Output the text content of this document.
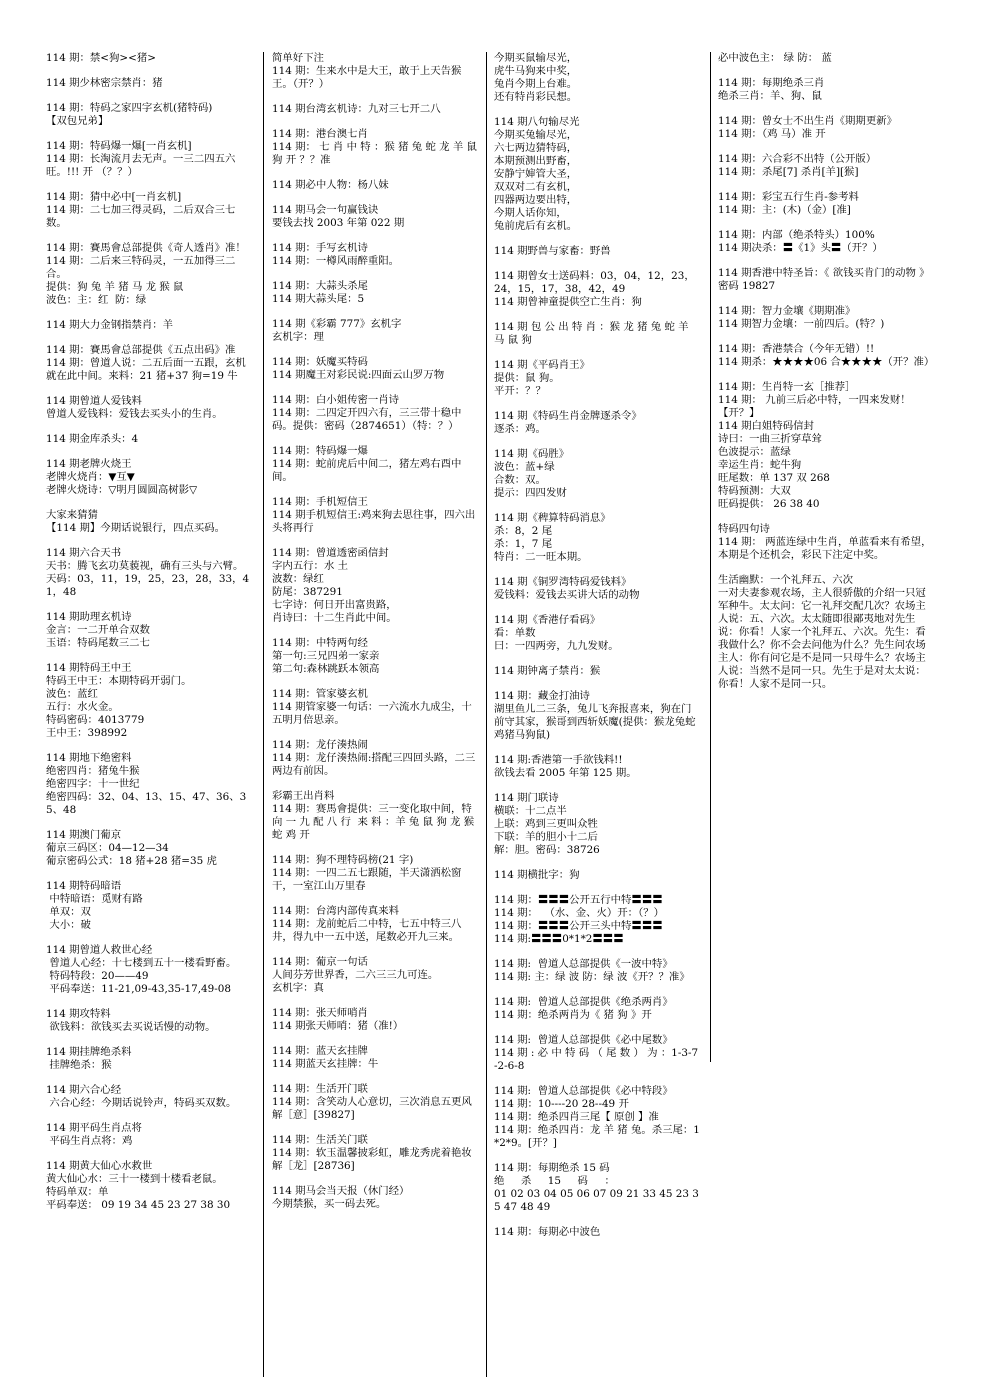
114 期：禁<狗><猪>
114 期少林密宗禁肖：猪
114 期：特码之家四字玄机(猪特码)
【双包兄弟】
114 期：特码爆一爆[一肖玄机]
114 期：长淘流月去无声。一三二四五六旺。!!! 开 （？？）
114 期：猜中必中[一肖玄机]
114 期：二七加三得灵码，二后双合三七数。
114 期：賽馬會总部提供《奇人透肖》准！
114 期：二后来三特码灵，一五加得三二合。
提供：狗 兔 羊 猪 马 龙 猴 鼠
波色：主：红  防：绿
114 期大力金钢指禁肖：羊
114 期：賽馬會总部提供《五点出码》准
114 期：曾道人说：二五后面一五跟，玄机就在此中间。来料：21 猪+37 狗=19 牛
114 期曾道人爱钱料
曾道人爱钱料：爱钱去买头小的生肖。
114 期金库杀头：4
114 期老牌火烧王
老牌火烧肖：▼互▼
老牌火烧诗：▽明月圆圆高树影▽
大家来猜猜
【114 期】今期话说银行，四点买码。
114 期六合天书
天书：腾飞玄功莫藐视，确有三头与六臂。
天码：03，11，19，25，23，28，33，41，48
114 期助理玄机诗
金言：一二开单合双数
玉语：特码尾数三二七
114 期特码王中王
特码王中王：本期特码开弱门。
波色：蓝红
五行：水火金。
特码密码：4013779
王中王：398992
114 期地下绝密料
绝密四肖：猪兔牛猴
绝密四字：十一世纪
绝密四码：32、04、13、15、47、36、35、48
114 期澳门葡京
葡京三码区：04—12—34
葡京密码公式：18 猪+28 猪=35 虎
114 期特码暗语
中特暗语：觅财有路
单双：双
大小：破
114 期曾道人救世心经
曾道人心经：十七楼到五十一楼看野畜。
特码特段：20——49
平码奉送：11-21,09-43,35-17,49-08
114 期攻特料
欲钱料：欲钱买去买说话慢的动物。
114 期挂牌绝杀料
挂牌绝杀：猴
114 期六合心经
六合心经：今期话说铃声，特码买双数。
114 期平码生肖点将
平码生肖点将：鸡
114 期黄大仙心水救世
黄大仙心水：三十一楼到十楼看老鼠。
特码单双：单
平码奉送： 09 19 34 45 23 27 38 30
简单好下注
114 期：生来水中是大王，敢于上天告猴王。（开？）
114 期台湾玄机诗：九对三七开二八
114 期：港台澳七肖
114 期： 七 肖 中 特 ：猴 猪 兔 蛇 龙 羊 鼠 狗 开 ？？准
114 期必中人物：杨八妹
114 期马会一句赢钱诀
要钱去找 2003 年第 022 期
114 期：手写玄机诗
114 期：一樽风雨醉重阳。
114 期：大蒜头杀尾
114 期大蒜头尾：5
114 期《彩霸 777》玄机字
玄机字：理
114 期：妖魔买特码
114 期魔王对彩民说:四面云山罗万物
114 期：白小姐传密一肖诗
114 期：二四定开四六有，三三带十稳中码。提供：密码（2874651）（特：？）
114 期：特码爆一爆
114 期：蛇前虎后中间二，猪左鸡右酉中间。
114 期：手机短信王
114 期手机短信王:鸡来狗去思往事，四六出头将再行
114 期：曾道透密函信封
字内五行：水 土
波数：绿红
防尾：387291
七字诗：何日开出富贵路，
肖诗曰：十二生肖此中间。
114 期：中特两句经
第一句:三兄四弟一家亲
第二句:森林跳跃本领高
114 期：管家婆玄机
114 期管家婆一句话：一六流水九成尘，十五明月倍思亲。
114 期：龙仔湊热闹
114 期：龙仔湊热闹:搭配三四回头路，二三两边有前因。
彩霸王出肖料
114 期：赛馬會提供：三一变化取中间，特 向 一 九 配 八 行  来 料 ：羊 兔 鼠 狗 龙 猴 蛇 鸡 开
114 期：狗不理特码榜(21 字)
114 期：一四二五七跟随，半天潇洒松窗干，一室江山万里春
114 期：台湾内部传真来料
114 期：龙前蛇后二中特，七五中特三八井，得九中一五中送，尾数必开九三来。
114 期：葡京一句话
人间芬芳世界香，二六三三九可连。
玄机字：真
114 期：张天师哨肖
114 期张天师哨：猪（准!）
114 期：蓝天玄挂牌
114 期蓝天玄挂牌：牛
114 期：生活开门联
114 期：含笑动人心意切，三次消息五更风
解［意］[39827]
114 期：生活关门联
114 期：软玉温馨披彩虹，雕龙秀虎着艳妆
解［龙］[28736]
114 期马会当天报（休门经）
今期禁猴，买一码去死。
今期买鼠输尽光，
虎牛马狗来中奖，
兔肖今期上台难。
还有特肖彩民想。
114 期八句输尽光
今期买兔输尽光，
六七两边猜特码，
本期预测出野畜，
安静宁婶管大圣，
双双对二有玄机，
四器两边要出特，
今期人话你知，
兔前虎后有玄机。
114 期野兽与家畜：野兽
114 期曾女士送码料：03，04，12，23，24，15，17，38，42，49
114 期曾神童提供空亡生肖：狗
114 期 包 公 出 特 肖 ：猴 龙 猪 兔 蛇 羊 马 鼠 狗
114 期《平码肖王》
提供：鼠 狗。
平开：？？
114 期《特码生肖金牌逐杀令》
逐杀：鸡。
114 期《码胜》
波色：蓝+绿
合数：双。
提示：四四发财
114 期《稗算特码消息》
杀：8，2 尾
杀：1，7 尾
特肖：二一旺本期。
114 期《铜罗湾特码爱钱料》
爱钱料：爱钱去买讲大话的动物
114 期《香港仔看码》
看：单数
曰：一四两旁，九九发财。
114 期钟离子禁肖：猴
114 期：藏金打油诗
湖里鱼儿二三条，兔儿飞奔报喜来，狗在门前守其家，猴哥到西斩妖魔(提供：猴龙兔蛇鸡猪马狗鼠)
114 期:香港第一手欲钱料!!
欲钱去看 2005 年第 125 期。
114 期门联诗
横联：十二点半
上联：鸡到三更叫众牲
下联：羊的胆小十二后
解：胆。密码：38726
114 期横批字：狗
114 期：〓〓〓公开五行中特〓〓〓
114 期：  （水、金、火）开：（？）
114 期：〓〓〓公开三头中特〓〓〓
114 期:〓〓〓0*1*2〓〓〓
114 期:  曾道人总部提供《一波中特》
114 期: 主：绿 波 防：绿 波《开？？准》
114 期:  曾道人总部提供《绝杀两肖》
114 期：绝杀两肖为《 猪 狗 》开
114 期:  曾道人总部提供《必中尾数》
114 期 : 必 中 特 码 （ 尾 数 ） 为 ：1-3-7-2-6-8
114 期:  曾道人总部提供《必中特段》
114 期：10----20 28--49 开
114 期：绝杀四肖三尾【 原创 】准
114 期：绝杀四肖：龙 羊 猪 兔。杀三尾：1*2*9。[开？]
114 期：每期绝杀 15 码
绝     杀     15     码     ：
01 02 03 04 05 06 07 09 21 33 45 23 35 47 48 49
114 期：每期必中波色
必中波色主： 绿 防： 蓝
114 期：每期绝杀三肖
绝杀三肖：羊、狗、鼠
114 期：曾女士不出生肖《期期更新》
114 期：（鸡 马）准 开
114 期：六合彩不出特（公开版）
114 期：杀尾[7] 杀肖[羊][猴]
114 期：彩宝五行生肖-参考料
114 期：主：(木)（金）[准]
114 期：内部（绝杀特头）100%
114 期决杀：〓《1》头〓（开？）
114 期香港中特圣旨：《 欲钱买肯门的动物 》密码 19827
114 期：智力金壤《期期准》
114 期智力金壤：一前四后。(特？)
114 期：香港禁合（今年无错）!!
114 期杀：★★★★06 合★★★★（开？准）
114 期：生肖特一玄［推荐］
114 期： 九前三后必中特，一四来发财！【开？】
114 期白姐特码信封
诗曰：一曲三折穿草耸
色波提示：蓝绿
幸运生肖：蛇牛狗
旺尾数：单 137 双 268
特码预测：大双
旺码提供： 26 38 40
特码四句诗
114 期： 两蓝连绿中生肖，单蓝看来有希望，本期是个还机会，彩民下注定中奖。
生活幽默：一个礼拜五、六次
一对夫妻参观农场，主人很骄傲的介绍一只冠军种牛。太太问：它一礼拜交配几次？农场主人说：五、六次。太太随即很鄙夷地对先生说：你看！人家一个礼拜五、六次。先生：看我做什么？你不会去问他为什么？先生问农场主人：你有问它是不是同一只母牛么？农场主人说：当然不是同一只。先生于是对太太说：你看！人家不是同一只。
